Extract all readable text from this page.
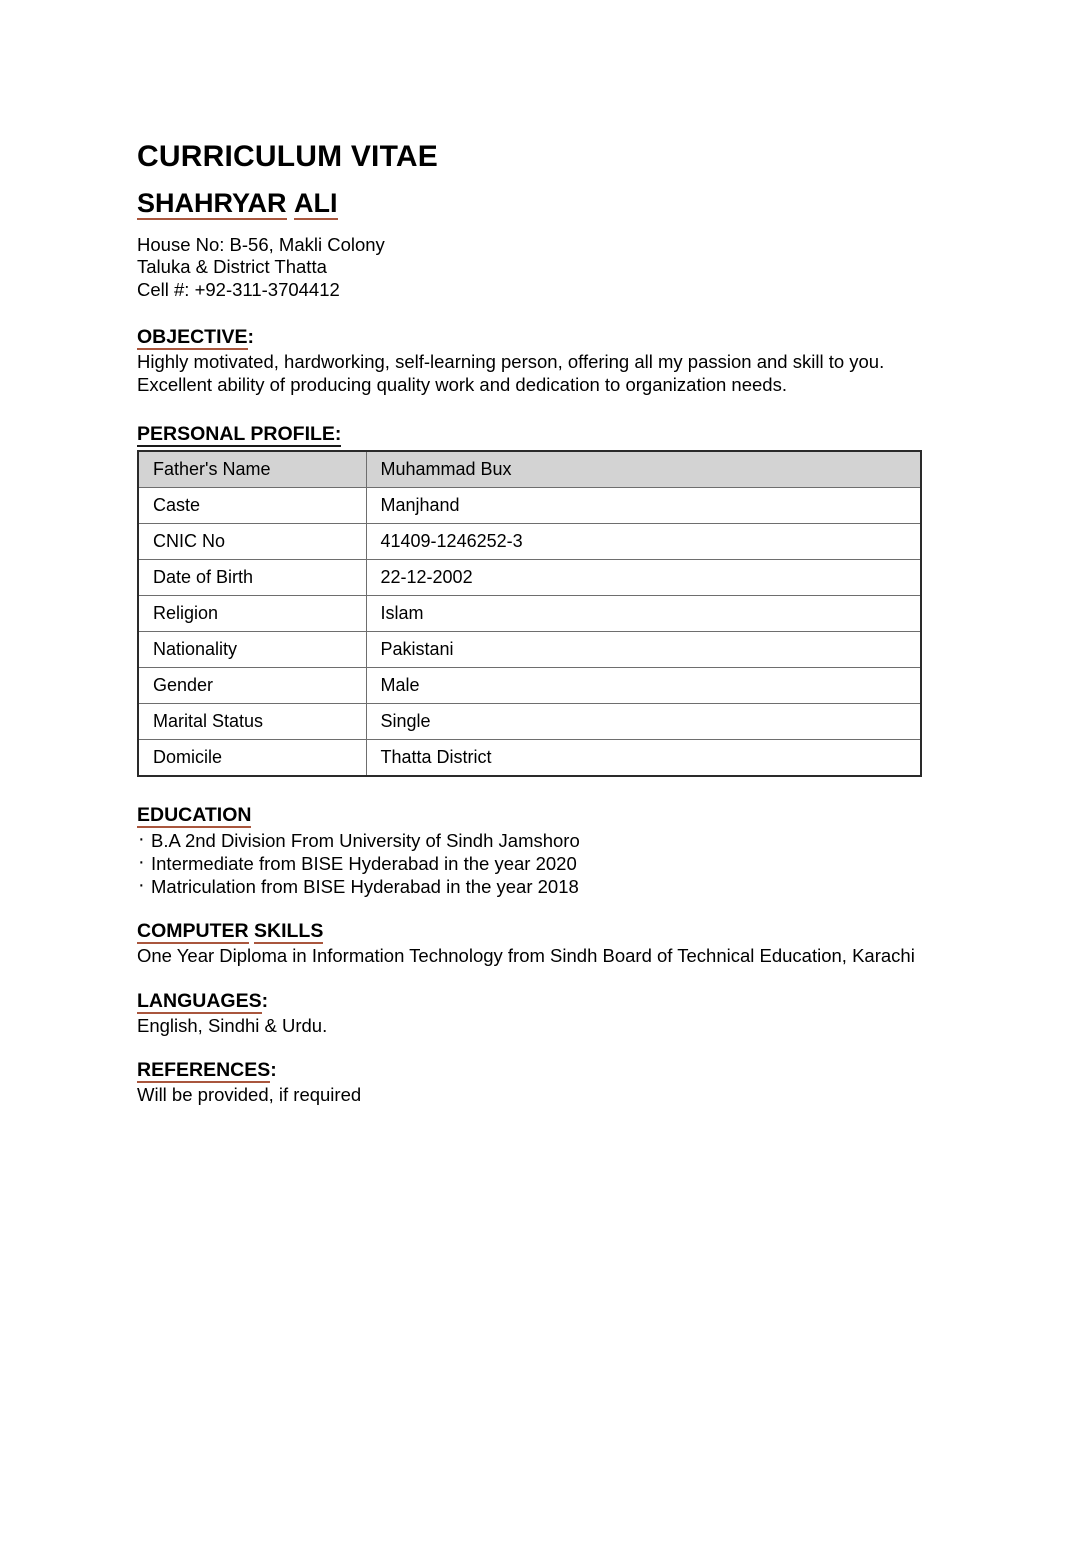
CURRICULUM VITAE
SHAHRYAR ALI

House No: B-56, Makli Colony

Taluka & District Thatta

Cell #: +92-311-3704412

OBJECTIVE:

Highly motivated, hardworking, self-learning person, offering all my passion and skill to you.

Excellent ability of producing quality work and dedication to organization needs.

PERSONAL PROFILE:
Father's Name	Muhammad Bux
Caste	Manjhand
CNIC No	41409-1246252-3
Date of Birth	22-12-2002
Religion	Islam
Nationality	Pakistani
Gender	Male
Marital Status	Single
Domicile	Thatta District
EDUCATION
· B.A 2nd Division From University of Sindh Jamshoro
· Intermediate from BISE Hyderabad in the year 2020
· Matriculation from BISE Hyderabad in the year 2018
COMPUTER SKILLS

One Year Diploma in Information Technology from Sindh Board of Technical Education, Karachi

LANGUAGES:

English, Sindhi & Urdu.

REFERENCES:

Will be provided, if required
